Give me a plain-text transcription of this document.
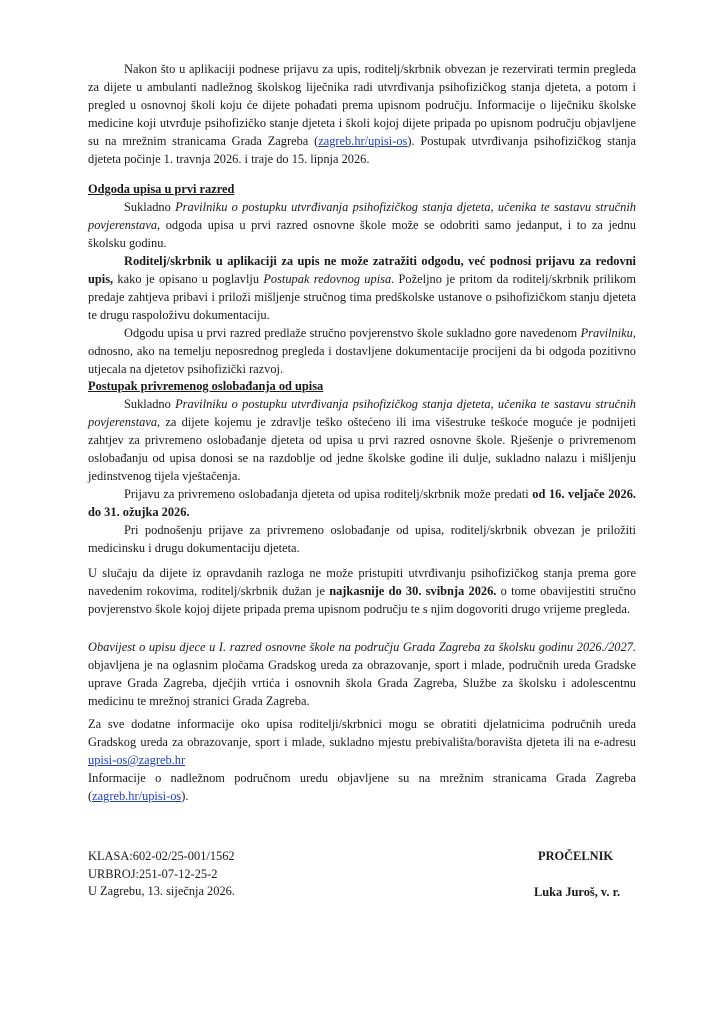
Nakon što u aplikaciji podnese prijavu za upis, roditelj/skrbnik obvezan je rezervirati termin pregleda za dijete u ambulanti nadležnog školskog liječnika radi utvrđivanja psihofizičkog stanja djeteta, a potom i pregled u osnovnoj školi koju će dijete pohađati prema upisnom području. Informacije o liječniku školske medicine koji utvrđuje psihofizičko stanje djeteta i školi kojoj dijete pripada po upisnom području objavljene su na mrežnim stranicama Grada Zagreba (zagreb.hr/upisi-os). Postupak utvrđivanja psihofizičkog stanja djeteta počinje 1. travnja 2026. i traje do 15. lipnja 2026.

Odgoda upisa u prvi razred

Sukladno Pravilniku o postupku utvrđivanja psihofizičkog stanja djeteta, učenika te sastavu stručnih povjerenstava, odgoda upisa u prvi razred osnovne škole može se odobriti samo jedanput, i to za jednu školsku godinu.

Roditelj/skrbnik u aplikaciji za upis ne može zatražiti odgodu, već podnosi prijavu za redovni upis, kako je opisano u poglavlju Postupak redovnog upisa. Poželjno je pritom da roditelj/skrbnik prilikom predaje zahtjeva pribavi i priloži mišljenje stručnog tima predškolske ustanove o psihofizičkom stanju djeteta te drugu raspoloživu dokumentaciju.

Odgodu upisa u prvi razred predlaže stručno povjerenstvo škole sukladno gore navedenom Pravilniku, odnosno, ako na temelju neposrednog pregleda i dostavljene dokumentacije procijeni da bi odgoda pozitivno utjecala na djetetov psihofizički razvoj.

Postupak privremenog oslobađanja od upisa

Sukladno Pravilniku o postupku utvrđivanja psihofizičkog stanja djeteta, učenika te sastavu stručnih povjerenstava, za dijete kojemu je zdravlje teško oštećeno ili ima višestruke teškoće moguće je podnijeti zahtjev za privremeno oslobađanje djeteta od upisa u prvi razred osnovne škole. Rješenje o privremenom oslobađanju od upisa donosi se na razdoblje od jedne školske godine ili dulje, sukladno nalazu i mišljenju jedinstvenog tijela vještačenja.

Prijavu za privremeno oslobađanja djeteta od upisa roditelj/skrbnik može predati od 16. veljače 2026. do 31. ožujka 2026.

Pri podnošenju prijave za privremeno oslobađanje od upisa, roditelj/skrbnik obvezan je priložiti medicinsku i drugu dokumentaciju djeteta.

U slučaju da dijete iz opravdanih razloga ne može pristupiti utvrđivanju psihofizičkog stanja prema gore navedenim rokovima, roditelj/skrbnik dužan je najkasnije do 30. svibnja 2026. o tome obavijestiti stručno povjerenstvo škole kojoj dijete pripada prema upisnom području te s njim dogovoriti drugo vrijeme pregleda.

Obavijest o upisu djece u I. razred osnovne škole na području Grada Zagreba za školsku godinu 2026./2027. objavljena je na oglasnim pločama Gradskog ureda za obrazovanje, sport i mlade, područnih ureda Gradske uprave Grada Zagreba, dječjih vrtića i osnovnih škola Grada Zagreba, Službe za školsku i adolescentnu medicinu te mrežnoj stranici Grada Zagreba.

Za sve dodatne informacije oko upisa roditelji/skrbnici mogu se obratiti djelatnicima područnih ureda Gradskog ureda za obrazovanje, sport i mlade, sukladno mjestu prebivališta/boravišta djeteta ili na e-adresu upisi-os@zagreb.hr

Informacije o nadležnom područnom uredu objavljene su na mrežnim stranicama Grada Zagreba (zagreb.hr/upisi-os).

KLASA:602-02/25-001/1562

URBROJ:251-07-12-25-2

U Zagrebu, 13. siječnja 2026.

PROČELNIK

Luka Juroš, v. r.
